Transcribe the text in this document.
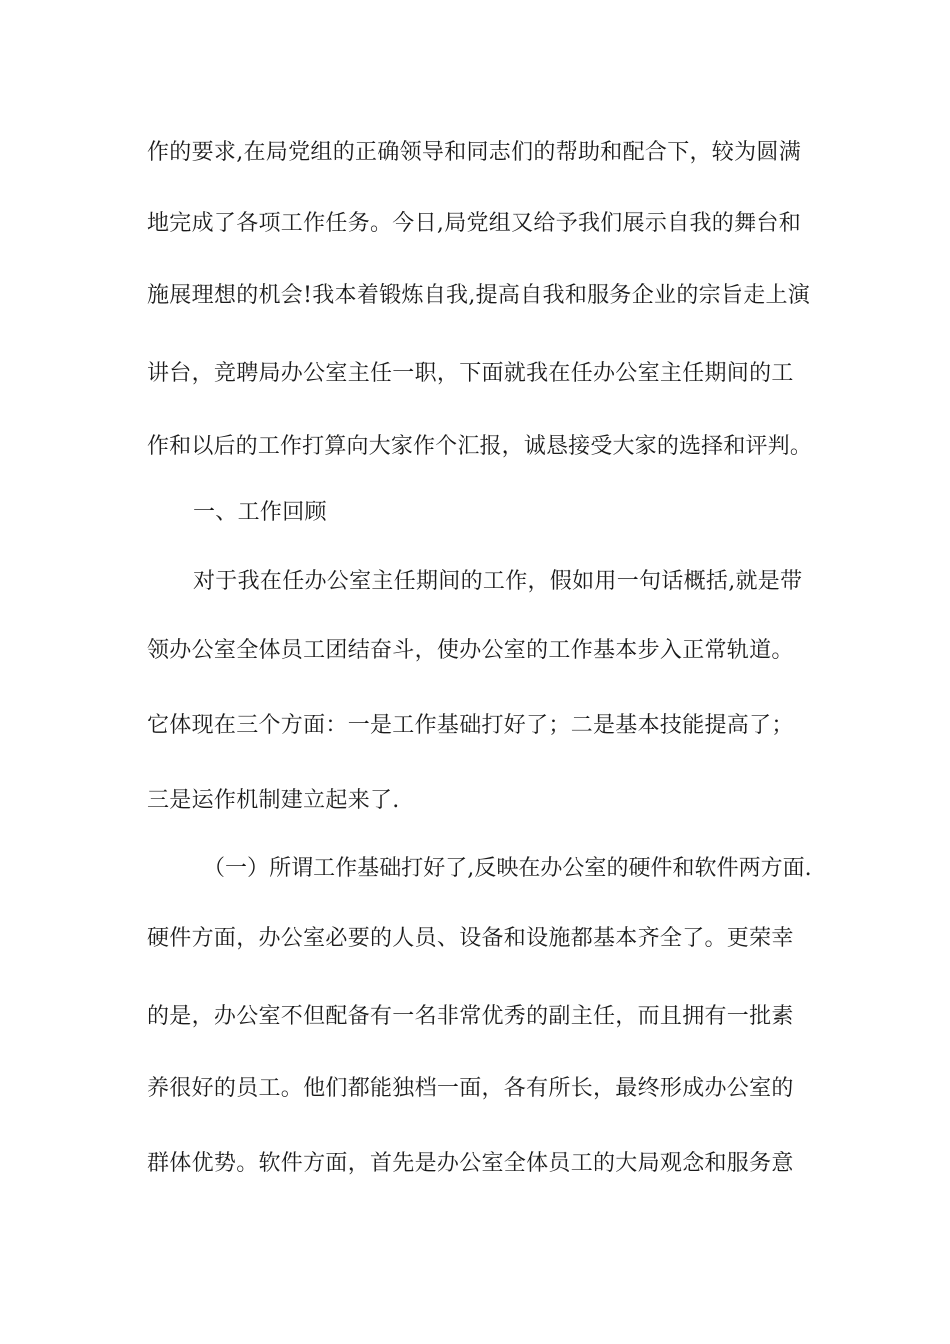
作的要求,在局党组的正确领导和同志们的帮助和配合下，较为圆满

地完成了各项工作任务。今日,局党组又给予我们展示自我的舞台和

施展理想的机会!我本着锻炼自我,提高自我和服务企业的宗旨走上演

讲台，竞聘局办公室主任一职，下面就我在任办公室主任期间的工

作和以后的工作打算向大家作个汇报，诚恳接受大家的选择和评判。

一、工作回顾

对于我在任办公室主任期间的工作，假如用一句话概括,就是带

领办公室全体员工团结奋斗，使办公室的工作基本步入正常轨道。

它体现在三个方面：一是工作基础打好了；二是基本技能提高了；

三是运作机制建立起来了.

（一）所谓工作基础打好了,反映在办公室的硬件和软件两方面.

硬件方面，办公室必要的人员、设备和设施都基本齐全了。更荣幸

的是，办公室不但配备有一名非常优秀的副主任，而且拥有一批素

养很好的员工。他们都能独档一面，各有所长，最终形成办公室的

群体优势。软件方面，首先是办公室全体员工的大局观念和服务意
